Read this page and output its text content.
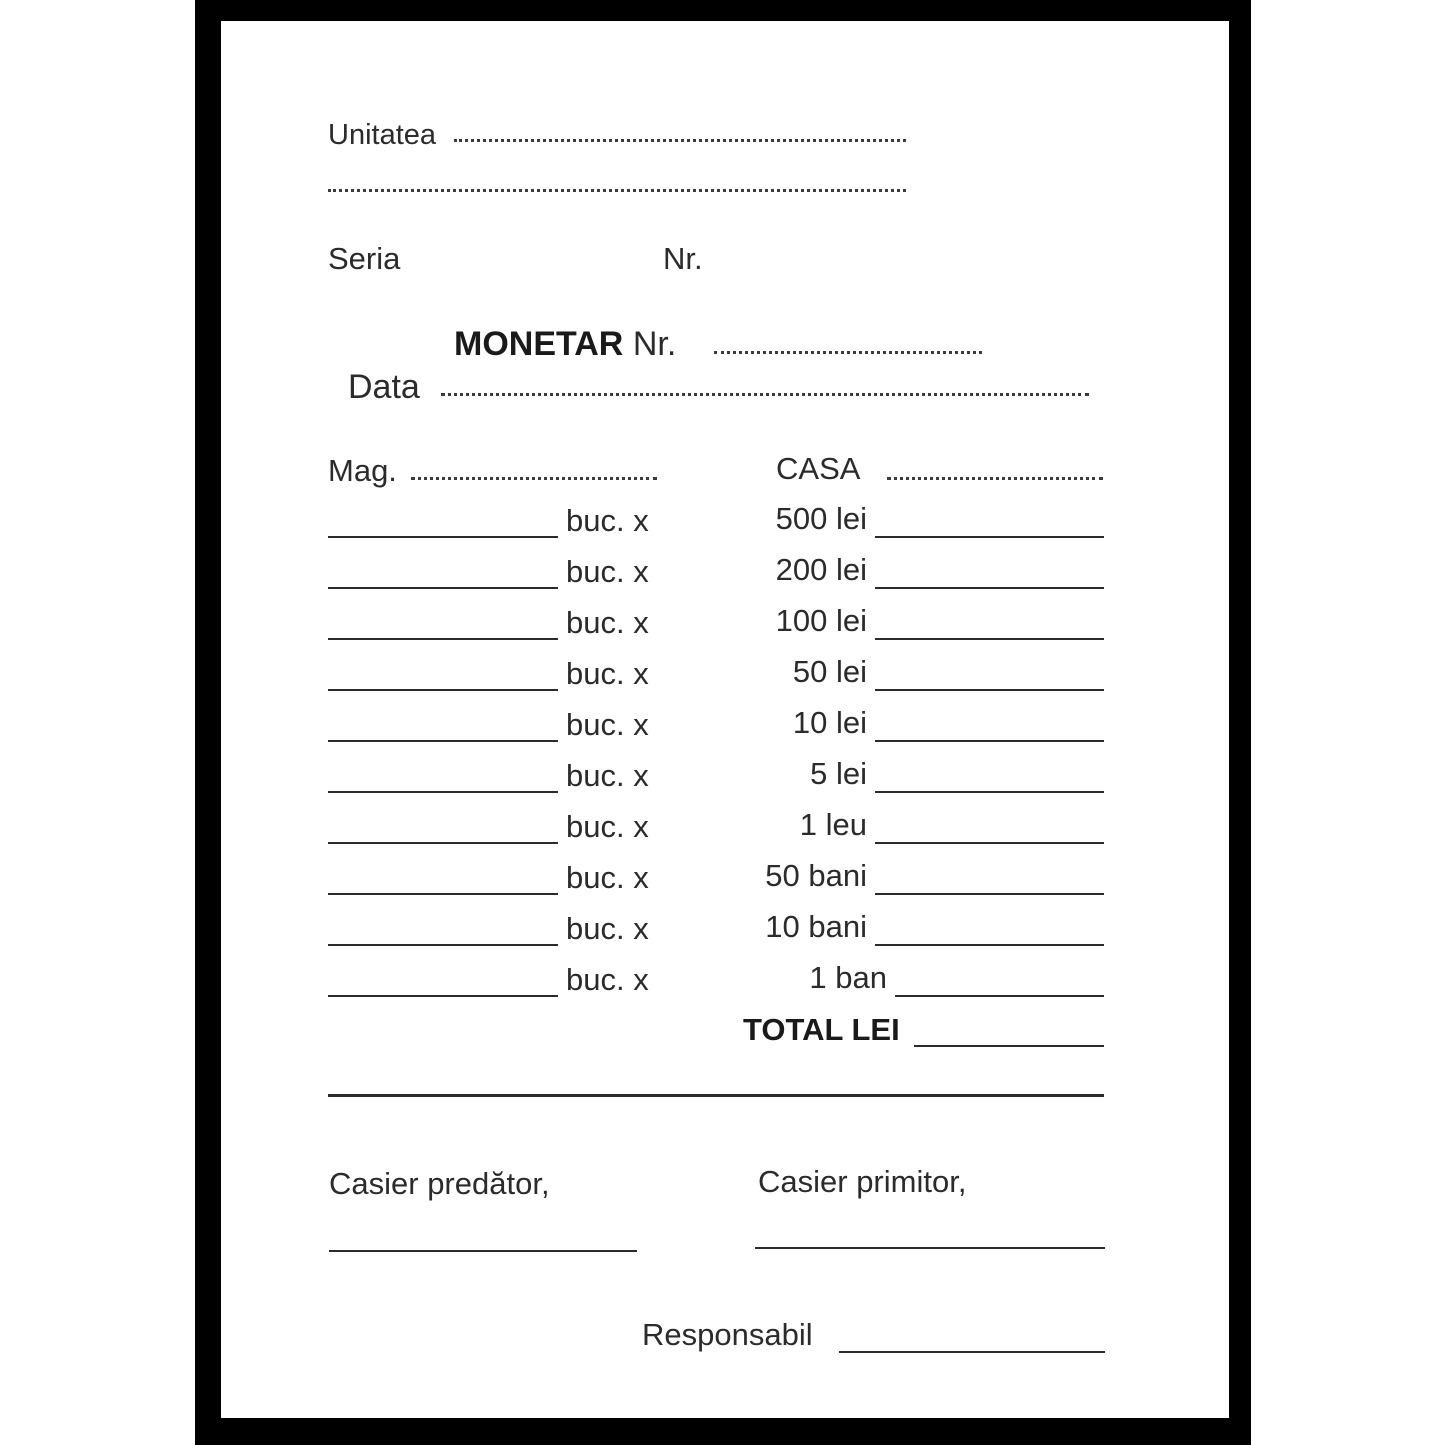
Unitatea
Seria	Nr.
MONETAR Nr.
Data
Mag.	CASA
buc. x	500 lei
buc. x	200 lei
buc. x	100 lei
buc. x	50 lei
buc. x	10 lei
buc. x	5 lei
buc. x	1 leu
buc. x	50 bani
buc. x	10 bani
buc. x	1 ban
TOTAL LEI
Casier predător,	Casier primitor,
Responsabil
